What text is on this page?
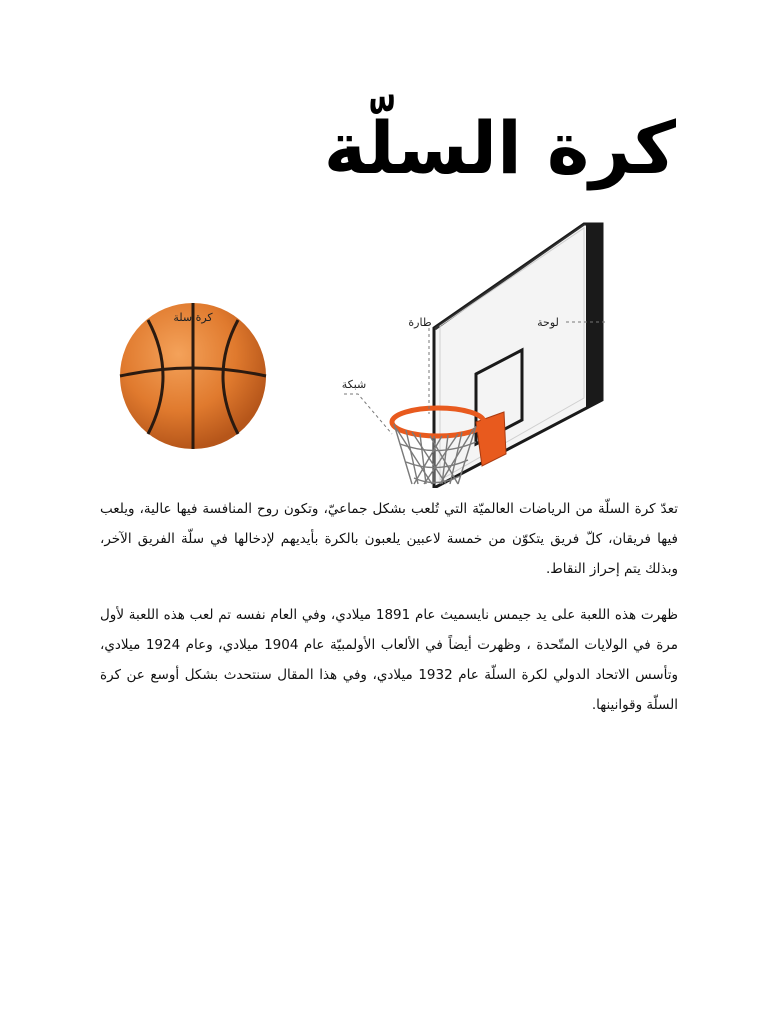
كرة السلّة
كرة سلة	طارة	لوحة
شبكة

تعدّ كرة السلّة من الرياضات العالميّة التي تُلعب بشكل جماعيّ، وتكون روح المنافسة فيها عالية، ويلعب فيها فريقان، كلّ فريق يتكوّن من خمسة لاعبين يلعبون بالكرة بأيديهم لإدخالها في سلّة الفريق الآخر، وبذلك يتم إحراز النقاط.

ظهرت هذه اللعبة على يد جيمس نايسميث عام 1891 ميلادي، وفي العام نفسه تم لعب هذه اللعبة لأول مرة في الولايات المتّحدة ، وظهرت أيضاً في الألعاب الأولمبيّة عام 1904 ميلادي، وعام 1924 ميلادي، وتأسس الاتحاد الدولي لكرة السلّة عام 1932 ميلادي، وفي هذا المقال سنتحدث بشكل أوسع عن كرة السلّة وقوانينها.
